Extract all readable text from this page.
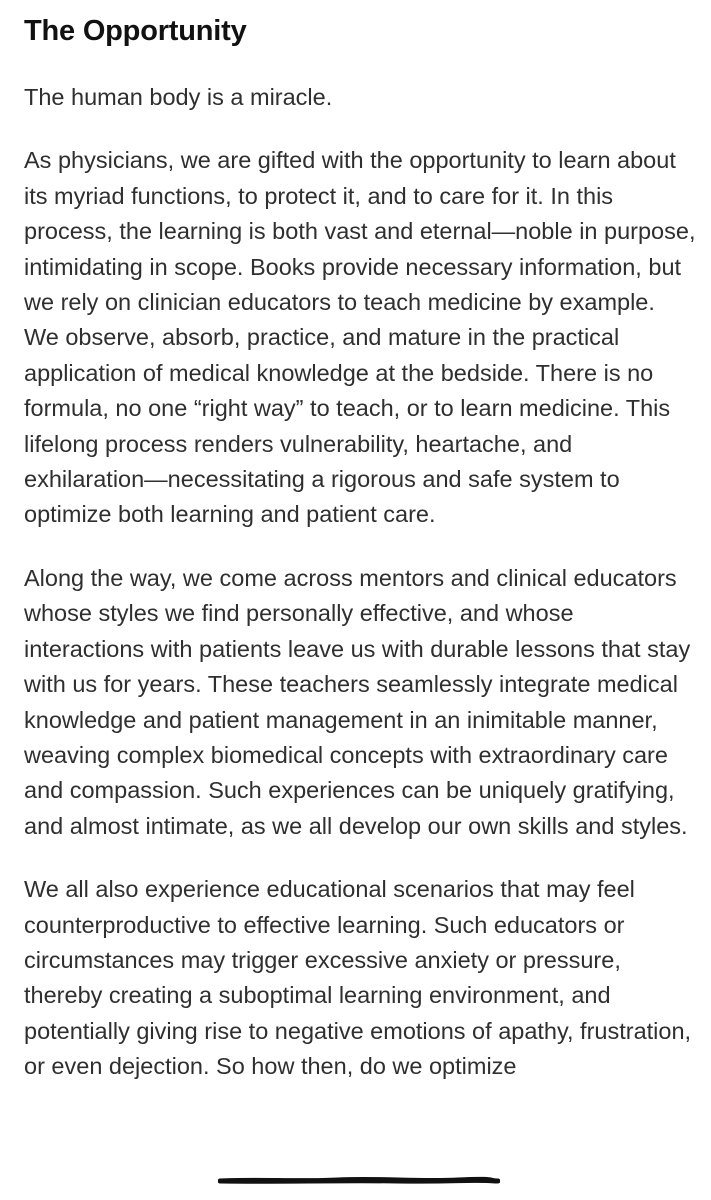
The Opportunity

The human body is a miracle.

As physicians, we are gifted with the opportunity to learn about its myriad functions, to protect it, and to care for it. In this process, the learning is both vast and eternal—noble in purpose, intimidating in scope. Books provide necessary information, but we rely on clinician educators to teach medicine by example. We observe, absorb, practice, and mature in the practical application of medical knowledge at the bedside. There is no formula, no one “right way” to teach, or to learn medicine. This lifelong process renders vulnerability, heartache, and exhilaration—necessitating a rigorous and safe system to optimize both learning and patient care.

Along the way, we come across mentors and clinical educators whose styles we find personally effective, and whose interactions with patients leave us with durable lessons that stay with us for years. These teachers seamlessly integrate medical knowledge and patient management in an inimitable manner, weaving complex biomedical concepts with extraordinary care and compassion. Such experiences can be uniquely gratifying, and almost intimate, as we all develop our own skills and styles.

We all also experience educational scenarios that may feel counterproductive to effective learning. Such educators or circumstances may trigger excessive anxiety or pressure, thereby creating a suboptimal learning environment, and potentially giving rise to negative emotions of apathy, frustration, or even dejection. So how then, do we optimize
